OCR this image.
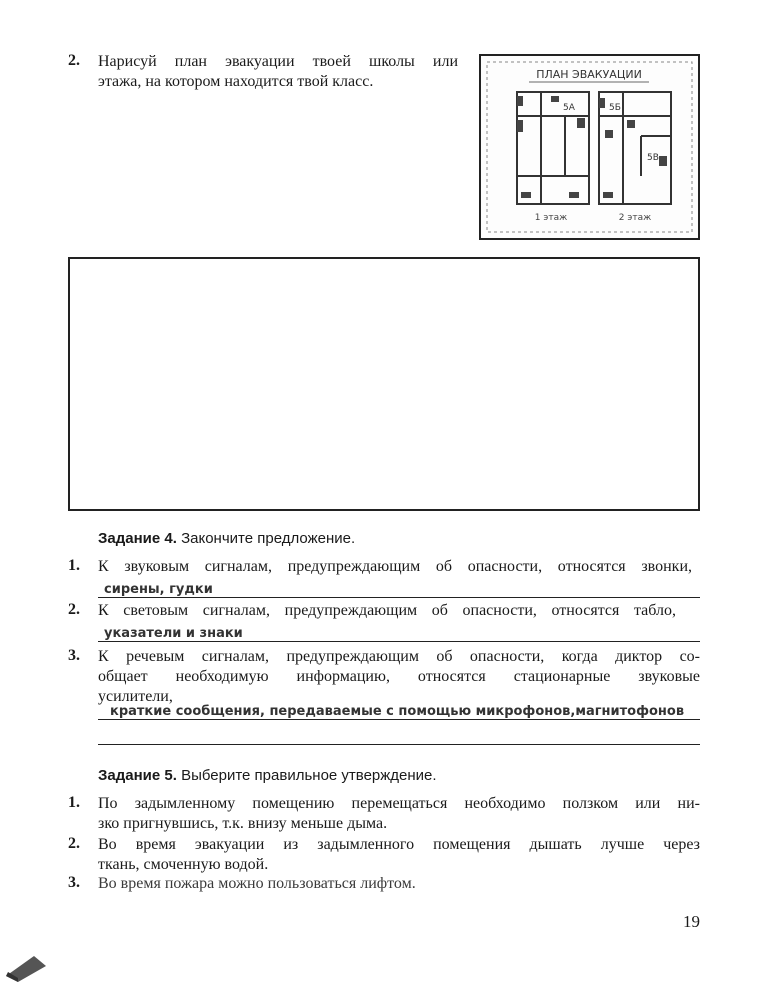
2. Нарисуй план эвакуации твоей школы или
этажа, на котором находится твой класс.	ПЛАН ЭВАКУАЦИИ
5А	5Б
5В
1 этаж	2 этаж
Задание 4. Закончите предложение.
1. К звуковым сигналам, предупреждающим об опасности, относятся звонки,
сирены, гудки
2. К световым сигналам, предупреждающим об опасности, относятся табло,
указатели и знаки
3. К речевым сигналам, предупреждающим об опасности, когда диктор со-
общает необходимую информацию, относятся стационарные звуковые
усилители,
краткие сообщения, передаваемые с помощью микрофонов,магнитофонов
Задание 5. Выберите правильное утверждение.
1. По задымленному помещению перемещаться необходимо ползком или ни-
зко пригнувшись, т.к. внизу меньше дыма.
2. Во время эвакуации из задымленного помещения дышать лучше через
ткань, смоченную водой.
3. Во время пожара можно пользоваться лифтом.
19
